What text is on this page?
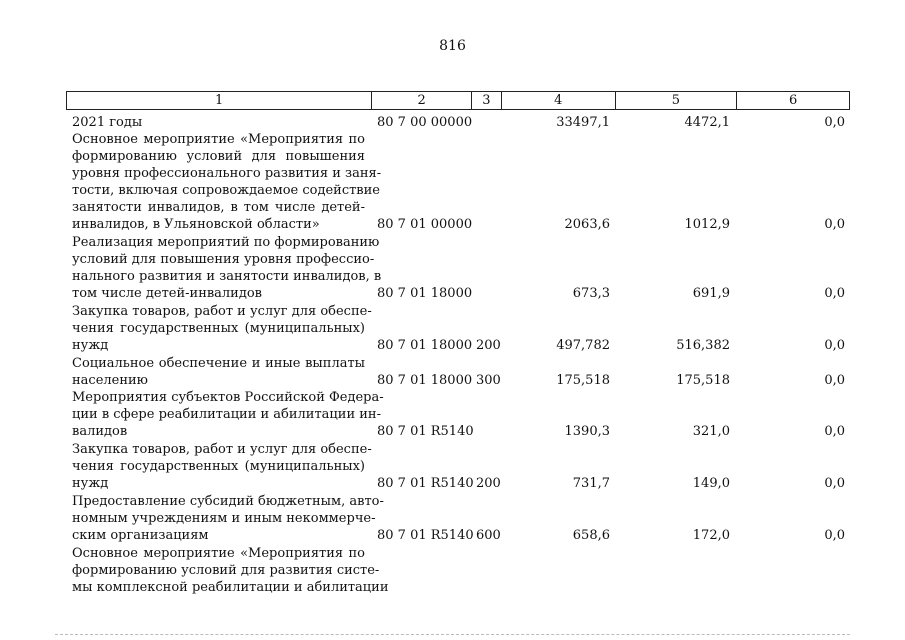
816
1	2	3	4	5	6
2021 годы	80 7 00 00000	33497,1	4472,1	0,0
Основное мероприятие «Мероприятия по
формированию условий для повышения
уровня профессионального развития и заня-
тости, включая сопровождаемое содействие
занятости инвалидов, в том числе детей-
инвалидов, в Ульяновской области»	80 7 01 00000	2063,6	1012,9	0,0
Реализация мероприятий по формированию
условий для повышения уровня профессио-
нального развития и занятости инвалидов, в
том числе детей-инвалидов	80 7 01 18000	673,3	691,9	0,0
Закупка товаров, работ и услуг для обеспе-
чения государственных (муниципальных)
нужд	80 7 01 18000 200	497,782	516,382	0,0
Социальное обеспечение и иные выплаты
населению	80 7 01 18000 300	175,518	175,518	0,0
Мероприятия субъектов Российской Федера-
ции в сфере реабилитации и абилитации ин-
валидов	80 7 01 R5140	1390,3	321,0	0,0
Закупка товаров, работ и услуг для обеспе-
чения государственных (муниципальных)
нужд	80 7 01 R5140 200	731,7	149,0	0,0
Предоставление субсидий бюджетным, авто-
номным учреждениям и иным некоммерче-
ским организациям	80 7 01 R5140 600	658,6	172,0	0,0
Основное мероприятие «Мероприятия по
формированию условий для развития систе-
мы комплексной реабилитации и абилитации
